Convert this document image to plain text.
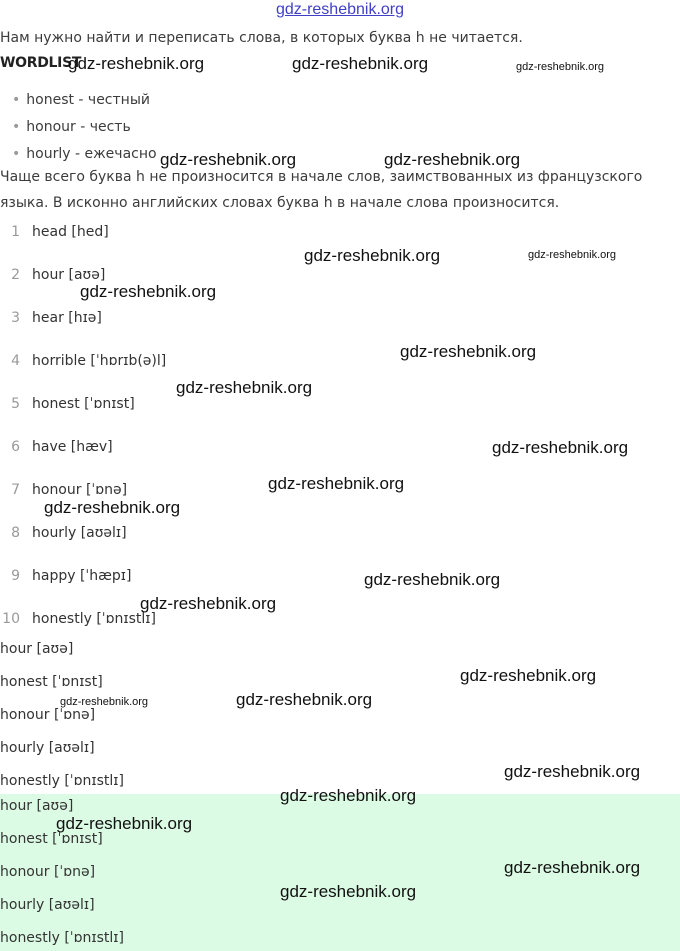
gdz-reshebnik.org
Нам нужно найти и переписать слова, в которых буква h не читается.
WORDLIST
• honest - честный
• honour - честь
• hourly - ежечасно
Чаще всего буква h не произносится в начале слов, заимствованных из французского
языка. В исконно английских словах буква h в начале слова произносится.
1 head [hed]
2 hour [aʊə]
3 hear [hɪə]
4 horrible [ˈhɒrɪb(ə)l]
5 honest [ˈɒnɪst]
6 have [hæv]
7 honour [ˈɒnə]
8 hourly [aʊəlɪ]
9 happy [ˈhæpɪ]
10 honestly [ˈɒnɪstlɪ]
hour [aʊə]
honest [ˈɒnɪst]
honour [ˈɒnə]
hourly [aʊəlɪ]
honestly [ˈɒnɪstlɪ]
hour [aʊə]
honest [ˈɒnɪst]
honour [ˈɒnə]
hourly [aʊəlɪ]
honestly [ˈɒnɪstlɪ]
gdz-reshebnik.org	gdz-reshebnik.org	gdz-reshebnik.org
gdz-reshebnik.org	gdz-reshebnik.org
gdz-reshebnik.org	gdz-reshebnik.org
gdz-reshebnik.org
gdz-reshebnik.org
gdz-reshebnik.org
gdz-reshebnik.org
gdz-reshebnik.org
gdz-reshebnik.org
gdz-reshebnik.org
gdz-reshebnik.org
gdz-reshebnik.org
gdz-reshebnik.org
gdz-reshebnik.org
gdz-reshebnik.org
gdz-reshebnik.org
gdz-reshebnik.org
gdz-reshebnik.org
gdz-reshebnik.org
